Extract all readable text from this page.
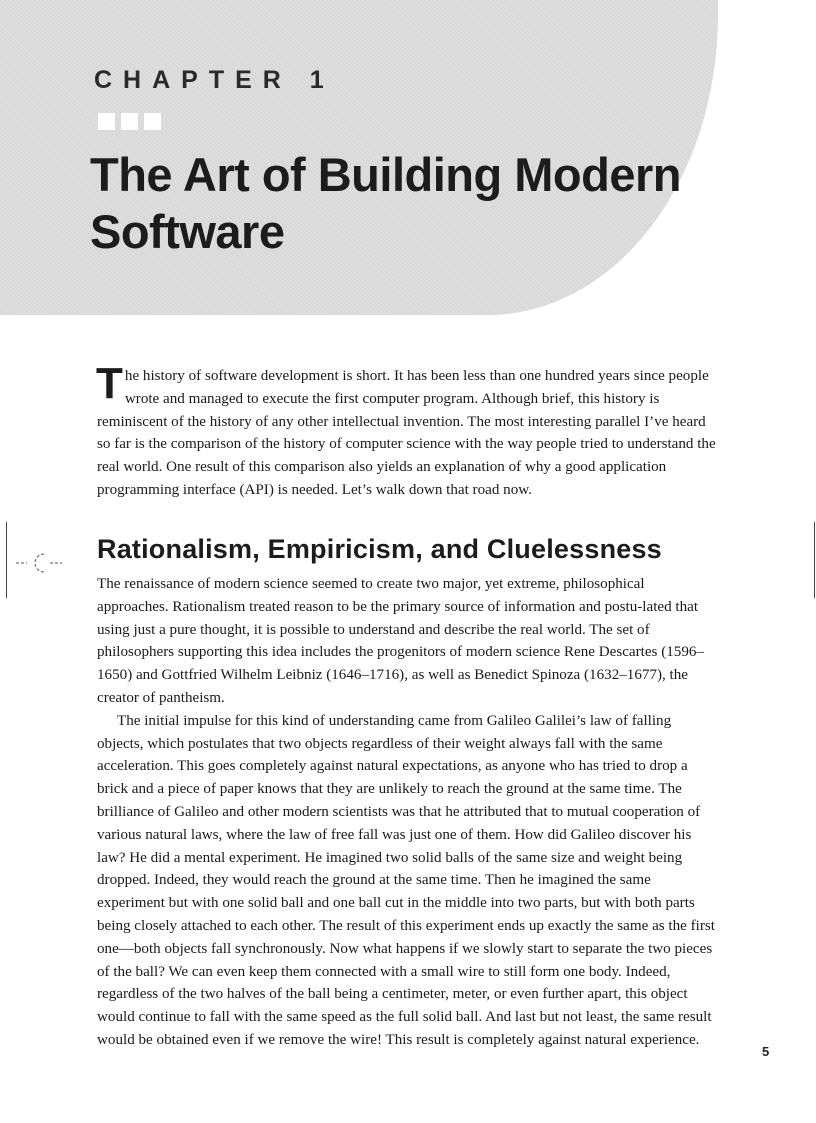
CHAPTER 1
The Art of Building Modern
Software

The history of software development is short. It has been less than one hundred years since people wrote and managed to execute the first computer program. Although brief, this history is reminiscent of the history of any other intellectual invention. The most interesting parallel I’ve heard so far is the comparison of the history of computer science with the way people tried to understand the real world. One result of this comparison also yields an explanation of why a good application programming interface (API) is needed. Let’s walk down that road now.

Rationalism, Empiricism, and Cluelessness

The renaissance of modern science seemed to create two major, yet extreme, philosophical approaches. Rationalism treated reason to be the primary source of information and postu-lated that using just a pure thought, it is possible to understand and describe the real world. The set of philosophers supporting this idea includes the progenitors of modern science Rene Descartes (1596–1650) and Gottfried Wilhelm Leibniz (1646–1716), as well as Benedict Spinoza (1632–1677), the creator of pantheism.

The initial impulse for this kind of understanding came from Galileo Galilei’s law of falling objects, which postulates that two objects regardless of their weight always fall with the same acceleration. This goes completely against natural expectations, as anyone who has tried to drop a brick and a piece of paper knows that they are unlikely to reach the ground at the same time. The brilliance of Galileo and other modern scientists was that he attributed that to mutual cooperation of various natural laws, where the law of free fall was just one of them. How did Galileo discover his law? He did a mental experiment. He imagined two solid balls of the same size and weight being dropped. Indeed, they would reach the ground at the same time. Then he imagined the same experiment but with one solid ball and one ball cut in the middle into two parts, but with both parts being closely attached to each other. The result of this experiment ends up exactly the same as the first one—both objects fall synchronously. Now what happens if we slowly start to separate the two pieces of the ball? We can even keep them connected with a small wire to still form one body. Indeed, regardless of the two halves of the ball being a centimeter, meter, or even further apart, this object would continue to fall with the same speed as the full solid ball. And last but not least, the same result would be obtained even if we remove the wire! This result is completely against natural experience.

5
